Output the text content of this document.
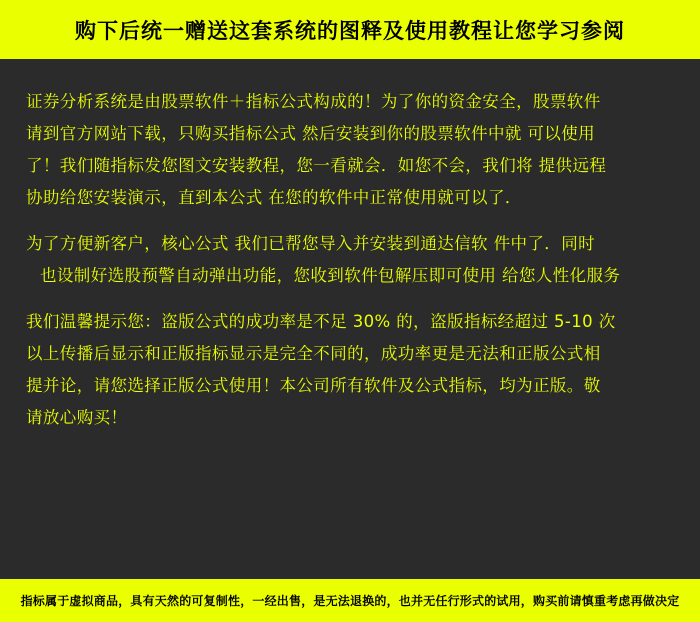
购下后统一赠送这套系统的图释及使用教程让您学习参阅
证券分析系统是由股票软件＋指标公式构成的！为了你的资金安全，股票软件
请到官方网站下载，只购买指标公式 然后安装到你的股票软件中就 可以使用
了！我们随指标发您图文安装教程，您一看就会．如您不会，我们将 提供远程
协助给您安装演示，直到本公式 在您的软件中正常使用就可以了．
为了方便新客户，核心公式 我们已帮您导入并安装到通达信软 件中了．同时
也设制好选股预警自动弹出功能，您收到软件包解压即可使用 给您人性化服务
我们温馨提示您：盗版公式的成功率是不足 30% 的，盗版指标经超过 5-10 次
以上传播后显示和正版指标显示是完全不同的，成功率更是无法和正版公式相
提并论，请您选择正版公式使用！本公司所有软件及公式指标，均为正版。敬
请放心购买！
指标属于虚拟商品，具有天然的可复制性，一经出售，是无法退换的，也并无任行形式的试用，购买前请慎重考虑再做决定
